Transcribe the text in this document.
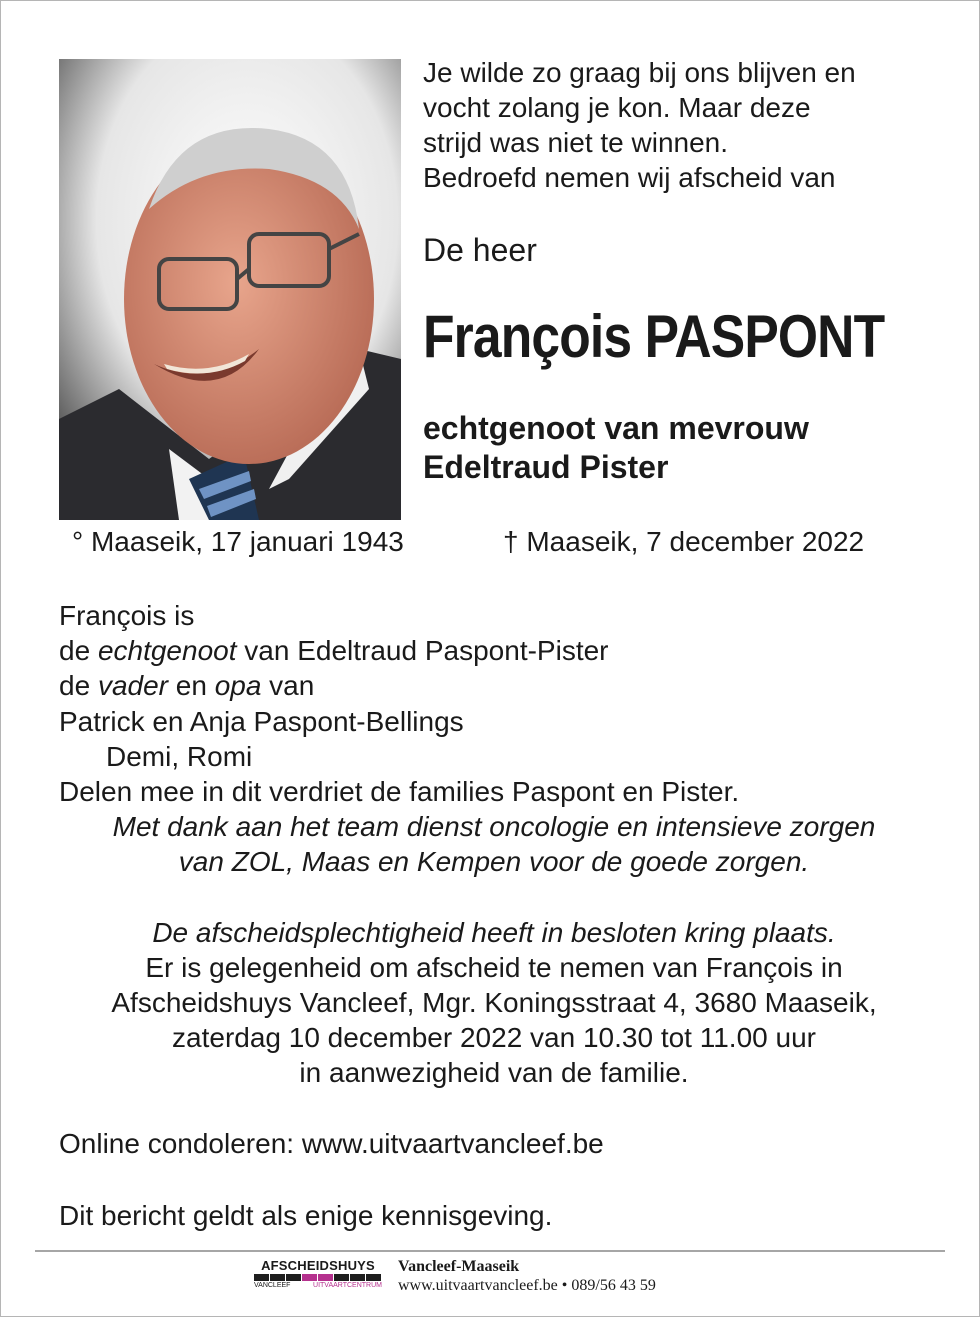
Je wilde zo graag bij ons blijven en
vocht zolang je kon. Maar deze
strijd was niet te winnen.
Bedroefd nemen wij afscheid van
De heer
François PASPONT
echtgenoot van mevrouw
Edeltraud Pister
° Maaseik, 17 januari 1943	† Maaseik, 7 december 2022
François is
de echtgenoot van Edeltraud Paspont-Pister
de vader en opa van
Patrick en Anja Paspont-Bellings
Demi, Romi
Delen mee in dit verdriet de families Paspont en Pister.
Met dank aan het team dienst oncologie en intensieve zorgen
van ZOL, Maas en Kempen voor de goede zorgen.
De afscheidsplechtigheid heeft in besloten kring plaats.
Er is gelegenheid om afscheid te nemen van François in
Afscheidshuys Vancleef, Mgr. Koningsstraat 4, 3680 Maaseik,
zaterdag 10 december 2022 van 10.30 tot 11.00 uur
in aanwezigheid van de familie.
Online condoleren: www.uitvaartvancleef.be
Dit bericht geldt als enige kennisgeving.
AFSCHEIDSHUYS
VANCLEEF	UITVAARTCENTRUM
Vancleef-Maaseik
www.uitvaartvancleef.be • 089/56 43 59
